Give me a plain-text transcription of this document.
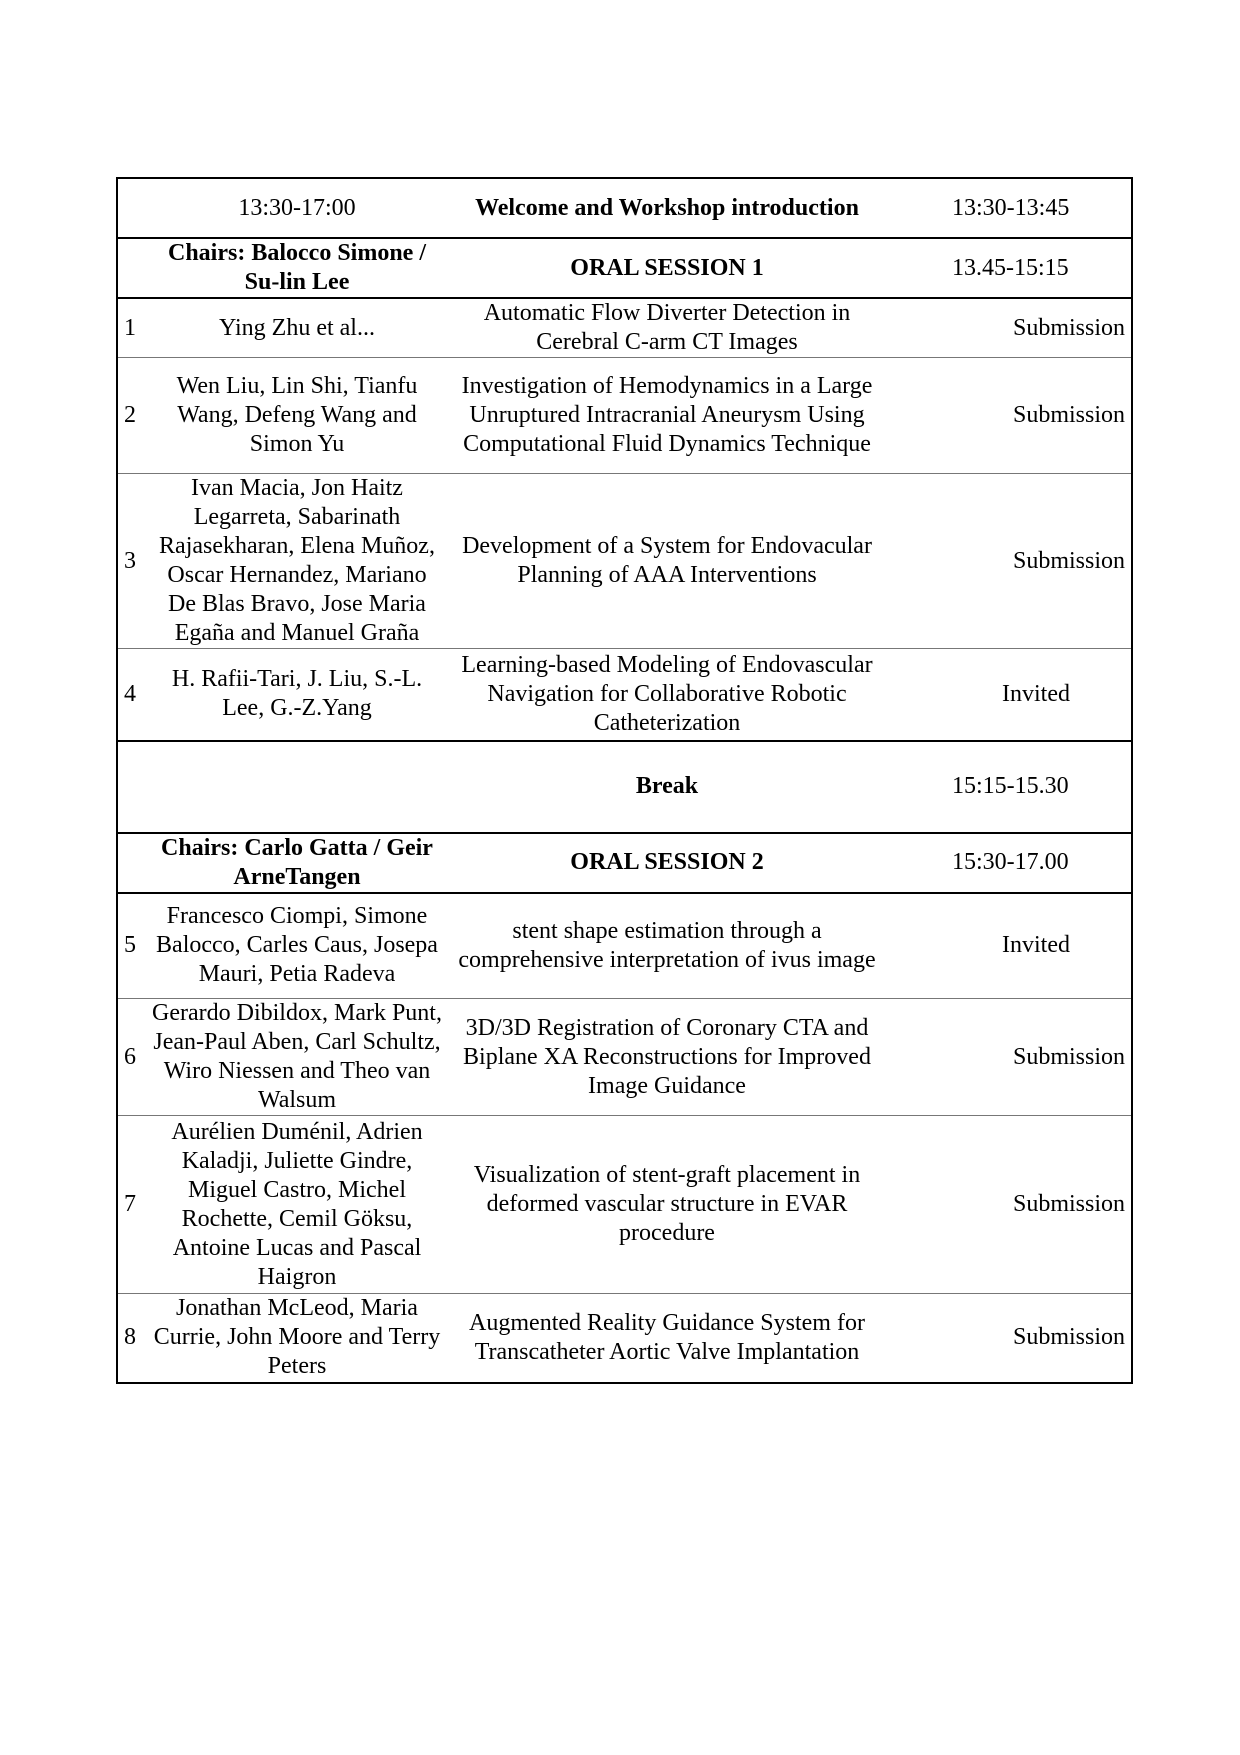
	13:30-17:00	Welcome and Workshop introduction	13:30-13:45
	Chairs: Balocco Simone / Su-lin Lee	ORAL SESSION 1	13.45-15:15
1	Ying Zhu et al...	Automatic Flow Diverter Detection in Cerebral C-arm CT Images	Submission
2	Wen Liu, Lin Shi, Tianfu Wang, Defeng Wang and Simon Yu	Investigation of Hemodynamics in a Large Unruptured Intracranial Aneurysm Using Computational Fluid Dynamics Technique	Submission
3	Ivan Macia, Jon Haitz Legarreta, Sabarinath Rajasekharan, Elena Muñoz, Oscar Hernandez, Mariano De Blas Bravo, Jose Maria Egaña and Manuel Graña	Development of a System for Endovacular Planning of AAA Interventions	Submission
4	H. Rafii-Tari, J. Liu, S.-L. Lee, G.-Z.Yang	Learning-based Modeling of Endovascular Navigation for Collaborative Robotic Catheterization	Invited
		Break	15:15-15.30
	Chairs: Carlo Gatta / Geir ArneTangen	ORAL SESSION 2	15:30-17.00
5	Francesco Ciompi, Simone Balocco, Carles Caus, Josepa Mauri, Petia Radeva	stent shape estimation through a comprehensive interpretation of ivus image	Invited
6	Gerardo Dibildox, Mark Punt, Jean-Paul Aben, Carl Schultz, Wiro Niessen and Theo van Walsum	3D/3D Registration of Coronary CTA and Biplane XA Reconstructions for Improved Image Guidance	Submission
7	Aurélien Duménil, Adrien Kaladji, Juliette Gindre, Miguel Castro, Michel Rochette, Cemil Göksu, Antoine Lucas and Pascal Haigron	Visualization of stent-graft placement in deformed vascular structure in EVAR procedure	Submission
8	Jonathan McLeod, Maria Currie, John Moore and Terry Peters	Augmented Reality Guidance System for Transcatheter Aortic Valve Implantation	Submission
